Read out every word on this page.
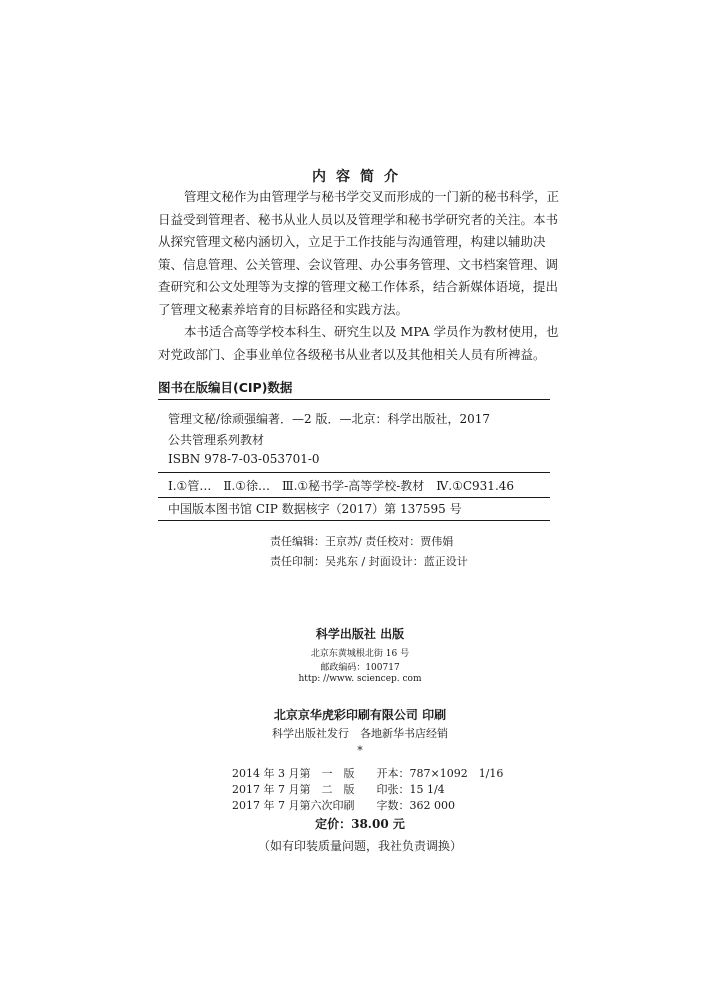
内容简介

管理文秘作为由管理学与秘书学交叉而形成的一门新的秘书科学，正

日益受到管理者、秘书从业人员以及管理学和秘书学研究者的关注。本书

从探究管理文秘内涵切入，立足于工作技能与沟通管理，构建以辅助决

策、信息管理、公关管理、会议管理、办公事务管理、文书档案管理、调

查研究和公文处理等为支撑的管理文秘工作体系，结合新媒体语境，提出

了管理文秘素养培育的目标路径和实践方法。

本书适合高等学校本科生、研究生以及 MPA 学员作为教材使用，也

对党政部门、企事业单位各级秘书从业者以及其他相关人员有所裨益。

图书在版编目(CIP)数据
管理文秘/徐顽强编著．—2 版．—北京：科学出版社，2017
公共管理系列教材
ISBN 978-7-03-053701-0
Ⅰ.①管…　Ⅱ.①徐…　Ⅲ.①秘书学-高等学校-教材　Ⅳ.①C931.46
中国版本图书馆 CIP 数据核字（2017）第 137595 号
责任编辑：王京苏/ 责任校对：贾伟娟
责任印制：吴兆东 / 封面设计：蓝正设计
科学出版社 出版
北京东黄城根北街 16 号
邮政编码：100717
http: //www. sciencep. com
北京京华虎彩印刷有限公司 印刷
科学出版社发行　各地新华书店经销
*
2014 年 3 月第　一　版　　开本：787×1092　1/16
2017 年 7 月第　二　版　　印张：15 1/4
2017 年 7 月第六次印刷　　字数：362 000
定价：38.00 元
（如有印装质量问题，我社负责调换）
